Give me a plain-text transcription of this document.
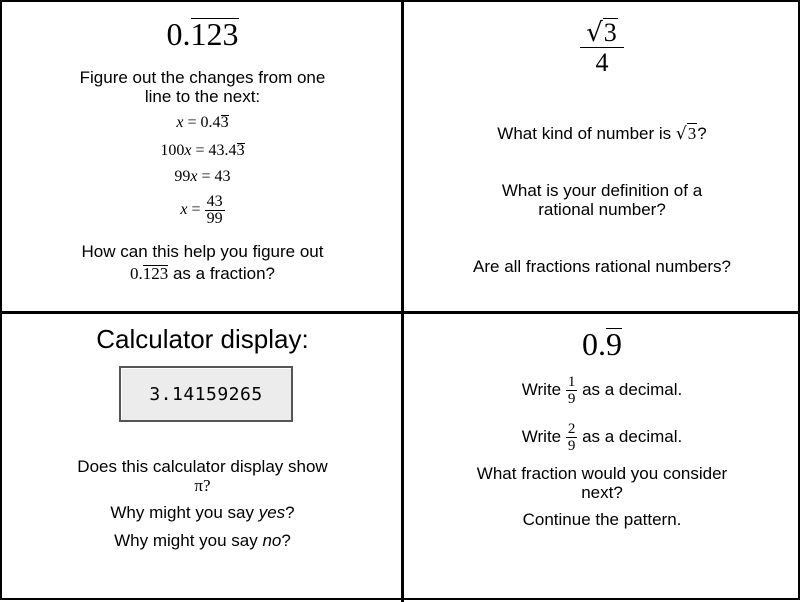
0.123
Figure out the changes from one
line to the next:
x = 0.43
100x = 43.43
99x = 43
$x = \frac{43}{99}$
How can this help you figure out
0.123 as a fraction?
$\frac{√3}{4}$
What kind of number is √3?
What is your definition of a
rational number?
Are all fractions rational numbers?
Calculator display:
3.14159265
Does this calculator display show
π?
Why might you say yes?
Why might you say no?
0.9
Write $\frac{1}{9}$ as a decimal.
Write $\frac{2}{9}$ as a decimal.
What fraction would you consider
next?
Continue the pattern.
